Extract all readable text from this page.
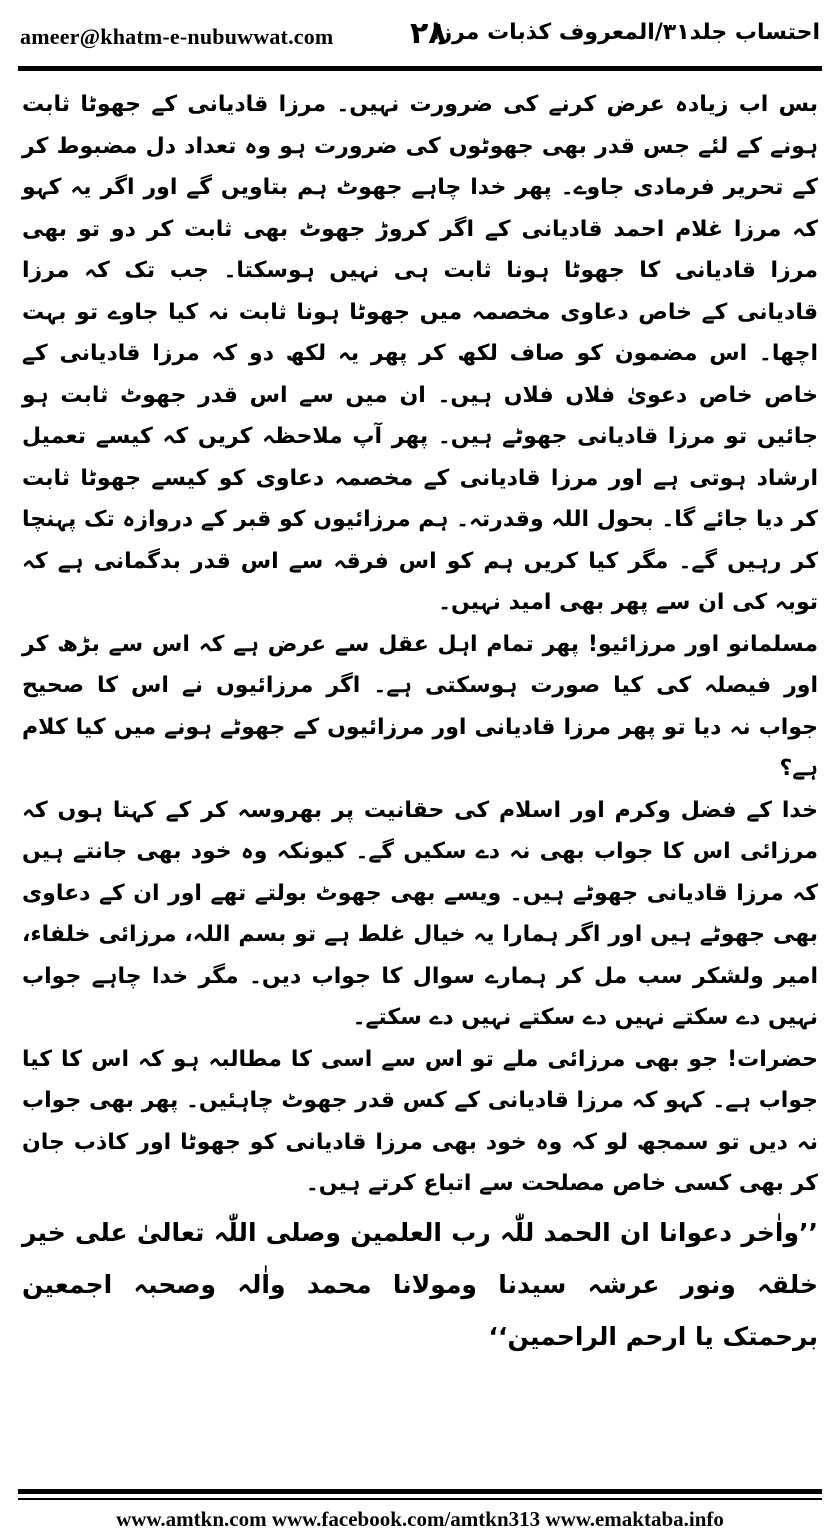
ameer@khatm-e-nubuwwat.com	۲۸
احتساب جلد۳۱/المعروف کذبات مرزا

بس اب زیادہ عرض کرنے کی ضرورت نہیں۔ مرزا قادیانی کے جھوٹا ثابت ہونے کے لئے جس قدر بھی جھوٹوں کی ضرورت ہو وہ تعداد دل مضبوط کر کے تحریر فرمادی جاوے۔ پھر خدا چاہے جھوٹ ہم بتاویں گے اور اگر یہ کہو کہ مرزا غلام احمد قادیانی کے اگر کروڑ جھوٹ بھی ثابت کر دو تو بھی مرزا قادیانی کا جھوٹا ہونا ثابت ہی نہیں ہوسکتا۔ جب تک کہ مرزا قادیانی کے خاص دعاوی مخصمہ میں جھوٹا ہونا ثابت نہ کیا جاوے تو بہت اچھا۔ اس مضمون کو صاف لکھ کر پھر یہ لکھ دو کہ مرزا قادیانی کے خاص خاص دعویٰ فلاں فلاں ہیں۔ ان میں سے اس قدر جھوٹ ثابت ہو جائیں تو مرزا قادیانی جھوٹے ہیں۔ پھر آپ ملاحظہ کریں کہ کیسے تعمیل ارشاد ہوتی ہے اور مرزا قادیانی کے مخصمہ دعاوی کو کیسے جھوٹا ثابت کر دیا جائے گا۔ بحول اللہ وقدرتہ۔ ہم مرزائیوں کو قبر کے دروازہ تک پہنچا کر رہیں گے۔ مگر کیا کریں ہم کو اس فرقہ سے اس قدر بدگمانی ہے کہ توبہ کی ان سے پھر بھی امید نہیں۔

مسلمانو اور مرزائیو! پھر تمام اہل عقل سے عرض ہے کہ اس سے بڑھ کر اور فیصلہ کی کیا صورت ہوسکتی ہے۔ اگر مرزائیوں نے اس کا صحیح جواب نہ دیا تو پھر مرزا قادیانی اور مرزائیوں کے جھوٹے ہونے میں کیا کلام ہے؟

خدا کے فضل وکرم اور اسلام کی حقانیت پر بھروسہ کر کے کہتا ہوں کہ مرزائی اس کا جواب بھی نہ دے سکیں گے۔ کیونکہ وہ خود بھی جانتے ہیں کہ مرزا قادیانی جھوٹے ہیں۔ ویسے بھی جھوٹ بولتے تھے اور ان کے دعاوی بھی جھوٹے ہیں اور اگر ہمارا یہ خیال غلط ہے تو بسم اللہ، مرزائی خلفاء، امیر ولشکر سب مل کر ہمارے سوال کا جواب دیں۔ مگر خدا چاہے جواب نہیں دے سکتے نہیں دے سکتے نہیں دے سکتے۔

حضرات! جو بھی مرزائی ملے تو اس سے اسی کا مطالبہ ہو کہ اس کا کیا جواب ہے۔ کہو کہ مرزا قادیانی کے کس قدر جھوٹ چاہئیں۔ پھر بھی جواب نہ دیں تو سمجھ لو کہ وہ خود بھی مرزا قادیانی کو جھوٹا اور کاذب جان کر بھی کسی خاص مصلحت سے اتباع کرتے ہیں۔

’’واٰخر دعوانا ان الحمد للّٰہ رب العلمین وصلی اللّٰہ تعالیٰ علی خیر خلقہ ونور عرشہ سیدنا ومولانا محمد واٰلہ وصحبہ اجمعین برحمتک یا ارحم الراحمین‘‘

www.amtkn.com www.facebook.com/amtkn313 www.emaktaba.info
